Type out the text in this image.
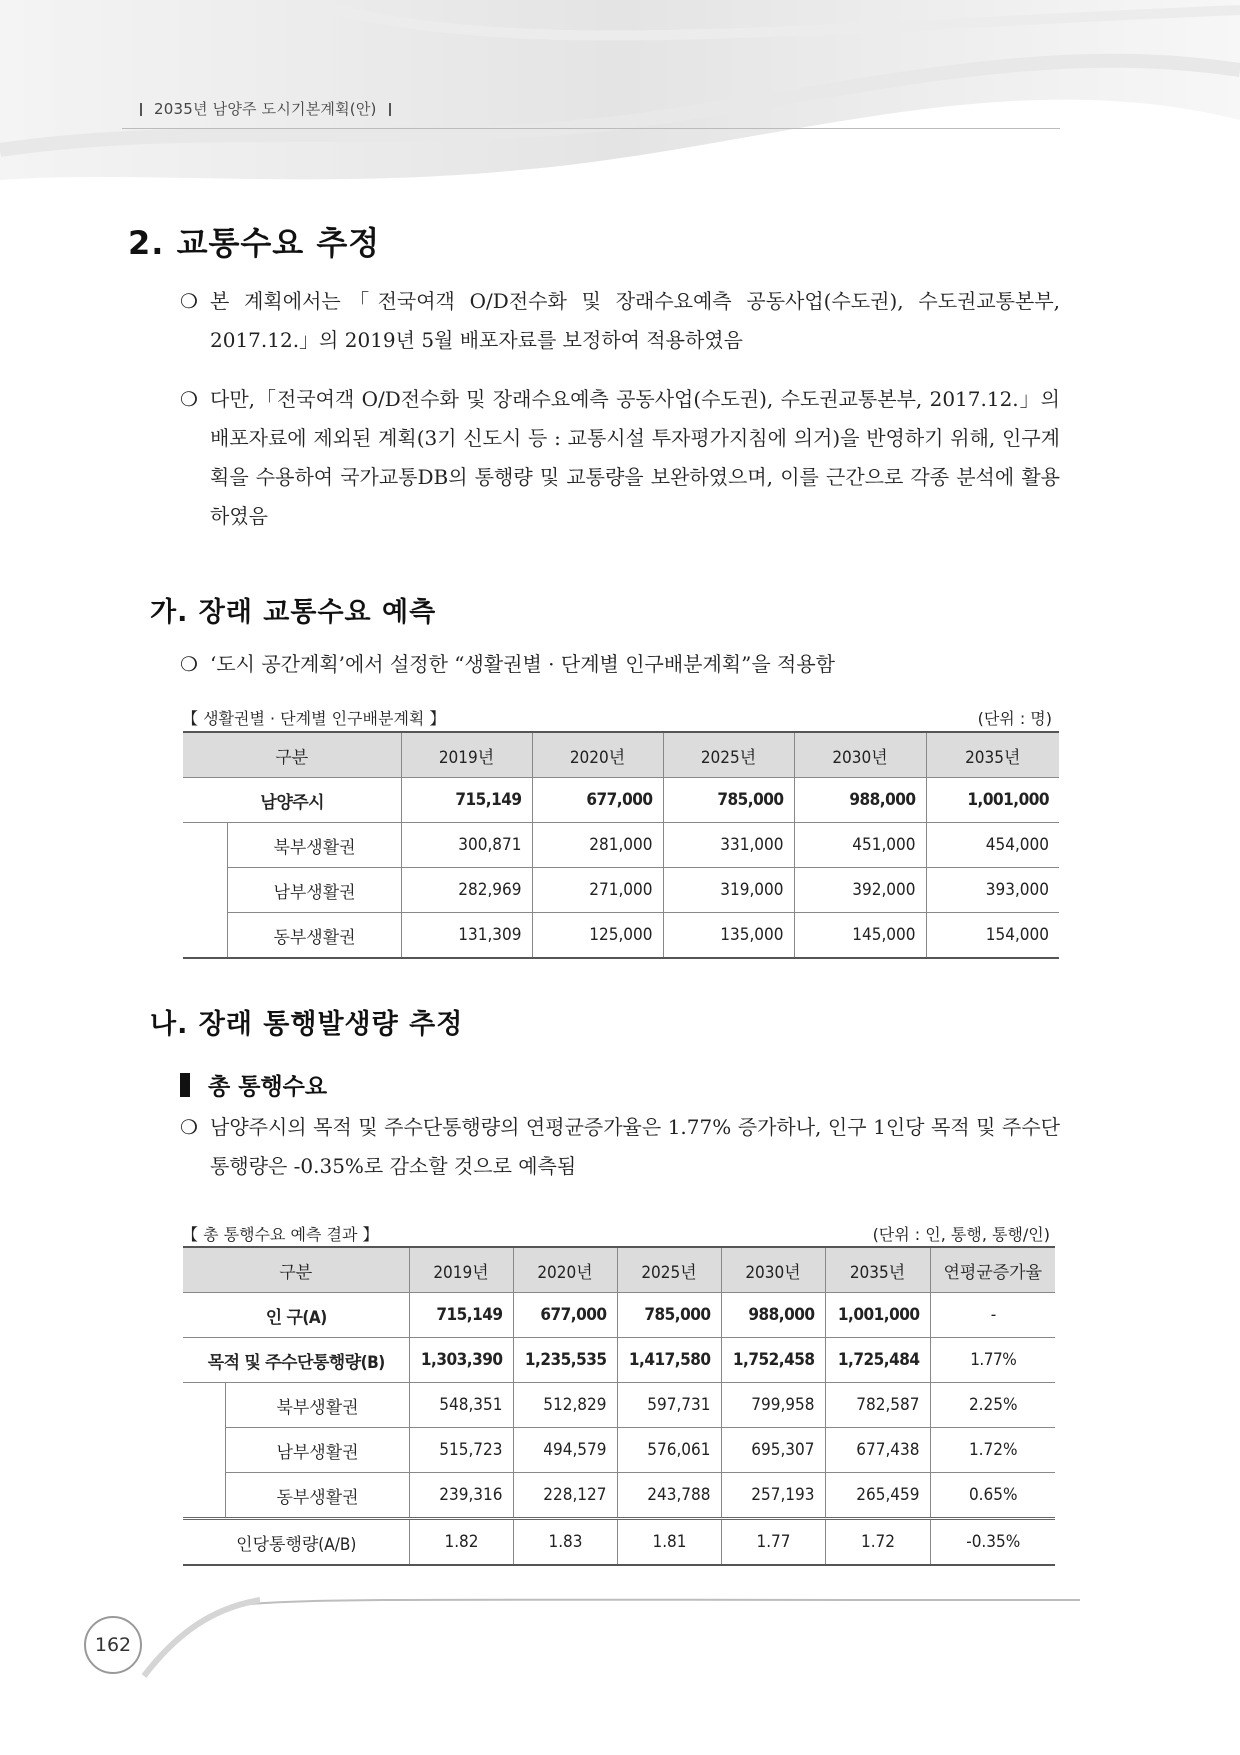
2035년 남양주 도시기본계획(안)
2. 교통수요 추정
❍ 본 계획에서는「전국여객 O/D전수화 및 장래수요예측 공동사업(수도권), 수도권교통본부, 2017.12.」의 2019년 5월 배포자료를 보정하여 적용하였음
❍ 다만,「전국여객 O/D전수화 및 장래수요예측 공동사업(수도권), 수도권교통본부, 2017.12.」의 배포자료에 제외된 계획(3기 신도시 등 : 교통시설 투자평가지침에 의거)을 반영하기 위해, 인구계획을 수용하여 국가교통DB의 통행량 및 교통량을 보완하였으며, 이를 근간으로 각종 분석에 활용하였음
가. 장래 교통수요 예측
❍ ‘도시 공간계획’에서 설정한 “생활권별 · 단계별 인구배분계획”을 적용함
【 생활권별 · 단계별 인구배분계획 】	(단위 : 명)
구분		2019년	2020년	2025년	2030년	2035년
남양주시		715,149	677,000	785,000	988,000	1,001,000
	북부생활권	300,871	281,000	331,000	451,000	454,000
	남부생활권	282,969	271,000	319,000	392,000	393,000
	동부생활권	131,309	125,000	135,000	145,000	154,000
나. 장래 통행발생량 추정
총 통행수요
❍ 남양주시의 목적 및 주수단통행량의 연평균증가율은 1.77% 증가하나, 인구 1인당 목적 및 주수단통행량은 -0.35%로 감소할 것으로 예측됨
【 총 통행수요 예측 결과 】	(단위 : 인, 통행, 통행/인)
구분		2019년	2020년	2025년	2030년	2035년	연평균증가율
인 구(A)		715,149	677,000	785,000	988,000	1,001,000	-
목적 및 주수단통행량(B)		1,303,390	1,235,535	1,417,580	1,752,458	1,725,484	1.77%
	북부생활권	548,351	512,829	597,731	799,958	782,587	2.25%
	남부생활권	515,723	494,579	576,061	695,307	677,438	1.72%
	동부생활권	239,316	228,127	243,788	257,193	265,459	0.65%
인당통행량(A/B)		1.82	1.83	1.81	1.77	1.72	-0.35%
162
